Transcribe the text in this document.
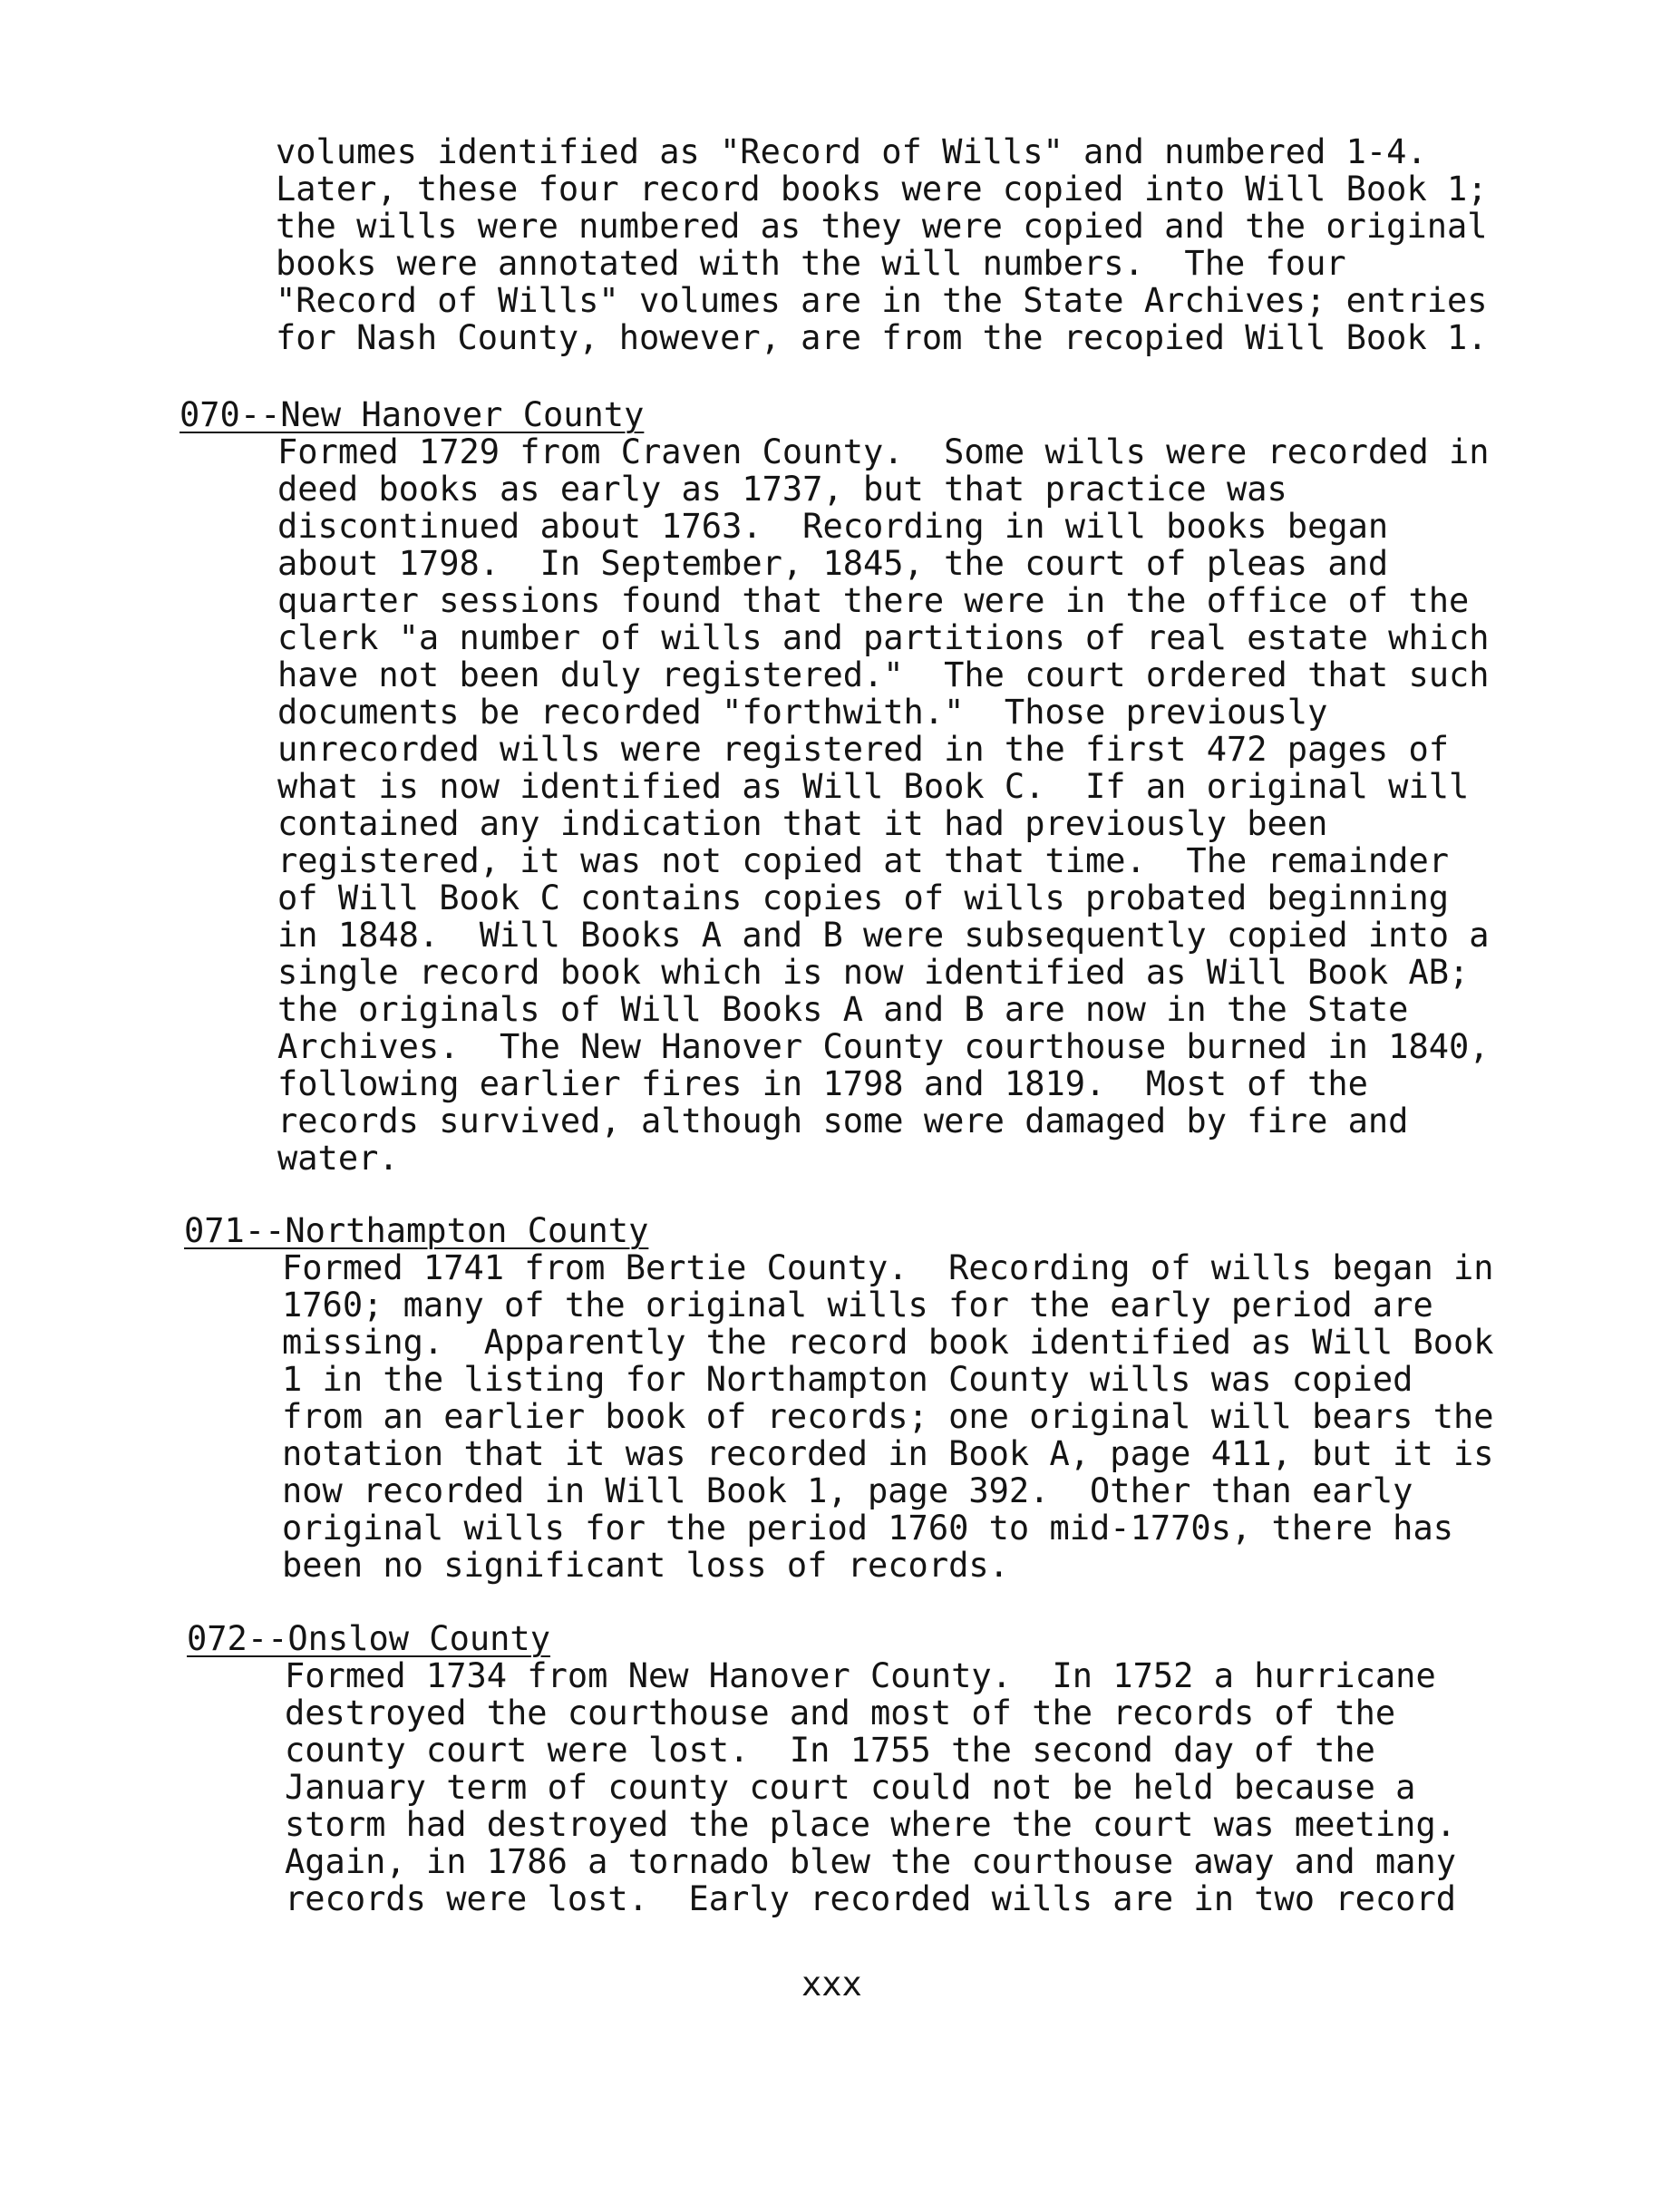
volumes identified as "Record of Wills" and numbered 1-4.
Later, these four record books were copied into Will Book 1;
the wills were numbered as they were copied and the original
books were annotated with the will numbers.  The four
"Record of Wills" volumes are in the State Archives; entries
for Nash County, however, are from the recopied Will Book 1.
070--New Hanover County
Formed 1729 from Craven County.  Some wills were recorded in
deed books as early as 1737, but that practice was
discontinued about 1763.  Recording in will books began
about 1798.  In September, 1845, the court of pleas and
quarter sessions found that there were in the office of the
clerk "a number of wills and partitions of real estate which
have not been duly registered."  The court ordered that such
documents be recorded "forthwith."  Those previously
unrecorded wills were registered in the first 472 pages of
what is now identified as Will Book C.  If an original will
contained any indication that it had previously been
registered, it was not copied at that time.  The remainder
of Will Book C contains copies of wills probated beginning
in 1848.  Will Books A and B were subsequently copied into a
single record book which is now identified as Will Book AB;
the originals of Will Books A and B are now in the State
Archives.  The New Hanover County courthouse burned in 1840,
following earlier fires in 1798 and 1819.  Most of the
records survived, although some were damaged by fire and
water.
071--Northampton County
Formed 1741 from Bertie County.  Recording of wills began in
1760; many of the original wills for the early period are
missing.  Apparently the record book identified as Will Book
1 in the listing for Northampton County wills was copied
from an earlier book of records; one original will bears the
notation that it was recorded in Book A, page 411, but it is
now recorded in Will Book 1, page 392.  Other than early
original wills for the period 1760 to mid-1770s, there has
been no significant loss of records.
072--Onslow County
Formed 1734 from New Hanover County.  In 1752 a hurricane
destroyed the courthouse and most of the records of the
county court were lost.  In 1755 the second day of the
January term of county court could not be held because a
storm had destroyed the place where the court was meeting.
Again, in 1786 a tornado blew the courthouse away and many
records were lost.  Early recorded wills are in two record
xxx
